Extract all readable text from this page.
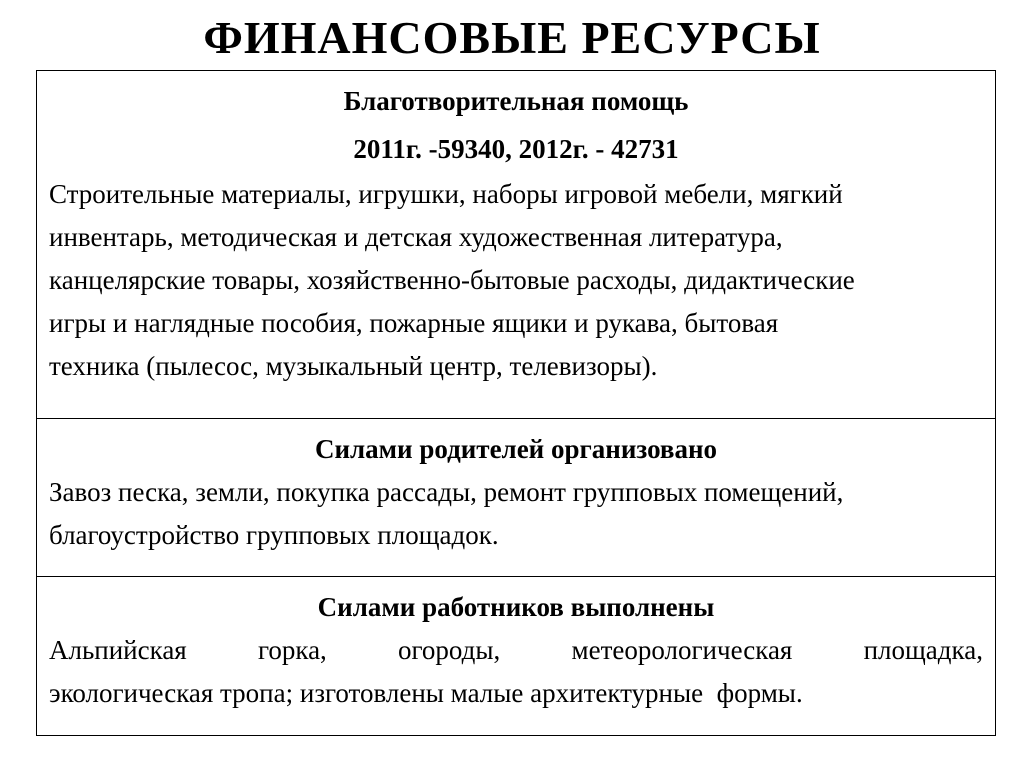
ФИНАНСОВЫЕ РЕСУРСЫ
Благотворительная помощь
2011г. -59340, 2012г. - 42731
Строительные материалы, игрушки, наборы игровой мебели, мягкий
инвентарь, методическая и детская художественная литература,
канцелярские товары, хозяйственно-бытовые расходы, дидактические
игры и наглядные пособия, пожарные ящики и рукава, бытовая
техника (пылесос, музыкальный центр, телевизоры).
Силами родителей организовано
Завоз песка, земли, покупка рассады, ремонт групповых помещений,
благоустройство групповых площадок.
Силами работников выполнены
Альпийская	горка,	огороды,	метеорологическая	площадка,
экологическая тропа; изготовлены малые архитектурные  формы.
